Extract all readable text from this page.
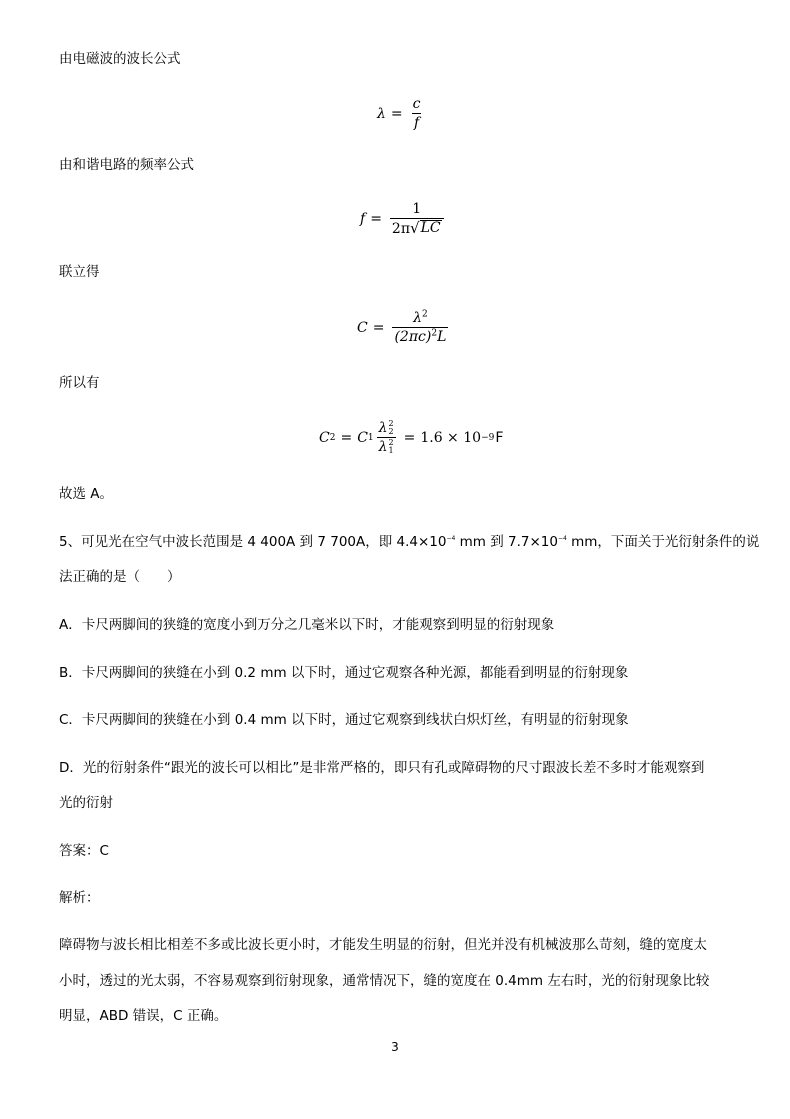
由电磁波的波长公式
$\lambda = \frac{c}{f}$
由和谐电路的频率公式
$f = \frac{1}{2\pi √ LC}$
联立得
$C = \frac{\lambda^2}{(2\pi c)^2L}$
所以有
C 2 = C 1 λ 2
2
λ 2
1 = 1.6 × 10 −9 F
故选 A。
5、可见光在空气中波长范围是 4 400A 到 7 700A，即 $4.4\times 10^{-4}$ mm 到 $7.7\times 10^{-4}$ mm，下面关于光衍射条件的说
法正确的是（　　）
A．卡尺两脚间的狭缝的宽度小到万分之几毫米以下时，才能观察到明显的衍射现象
B．卡尺两脚间的狭缝在小到 0.2 mm 以下时，通过它观察各种光源，都能看到明显的衍射现象
C．卡尺两脚间的狭缝在小到 0.4 mm 以下时，通过它观察到线状白炽灯丝，有明显的衍射现象
D．光的衍射条件“跟光的波长可以相比”是非常严格的，即只有孔或障碍物的尺寸跟波长差不多时才能观察到
光的衍射
答案：C
解析：
障碍物与波长相比相差不多或比波长更小时，才能发生明显的衍射，但光并没有机械波那么苛刻，缝的宽度太
小时，透过的光太弱，不容易观察到衍射现象，通常情况下，缝的宽度在 0.4mm 左右时，光的衍射现象比较
明显，ABD 错误，C 正确。
3
